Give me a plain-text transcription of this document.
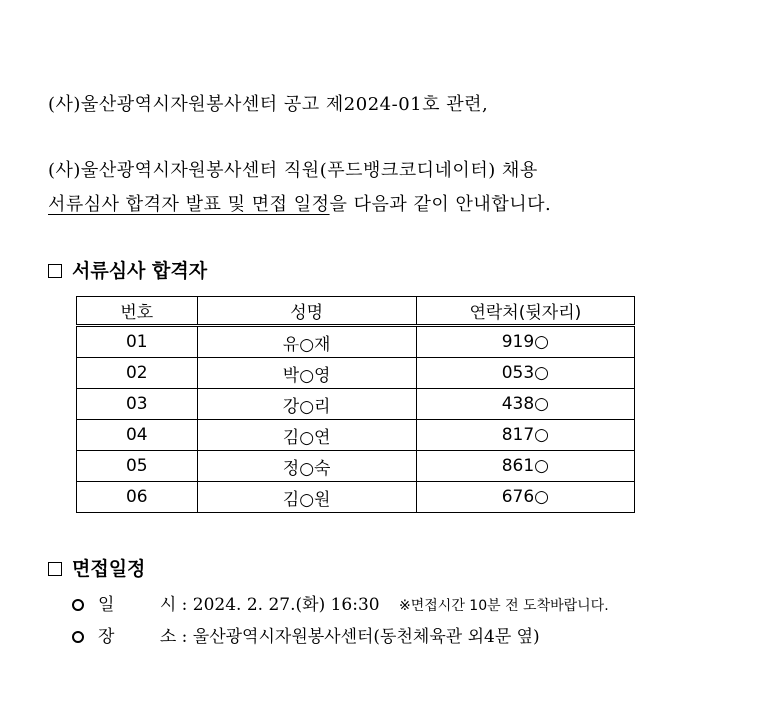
(사)울산광역시자원봉사센터 공고 제2024-01호 관련,
(사)울산광역시자원봉사센터 직원(푸드뱅크코디네이터) 채용
서류심사 합격자 발표 및 면접 일정을 다음과 같이 안내합니다.
서류심사 합격자
번호	성명	연락처(뒷자리)
01	유○재	919○
02	박○영	053○
03	강○리	438○
04	김○연	817○
05	정○숙	861○
06	김○원	676○
면접일정
일 시 : 2024. 2. 27.(화) 16:30 ※면접시간 10분 전 도착바랍니다.
장 소 : 울산광역시자원봉사센터(동천체육관 외4문 옆)
